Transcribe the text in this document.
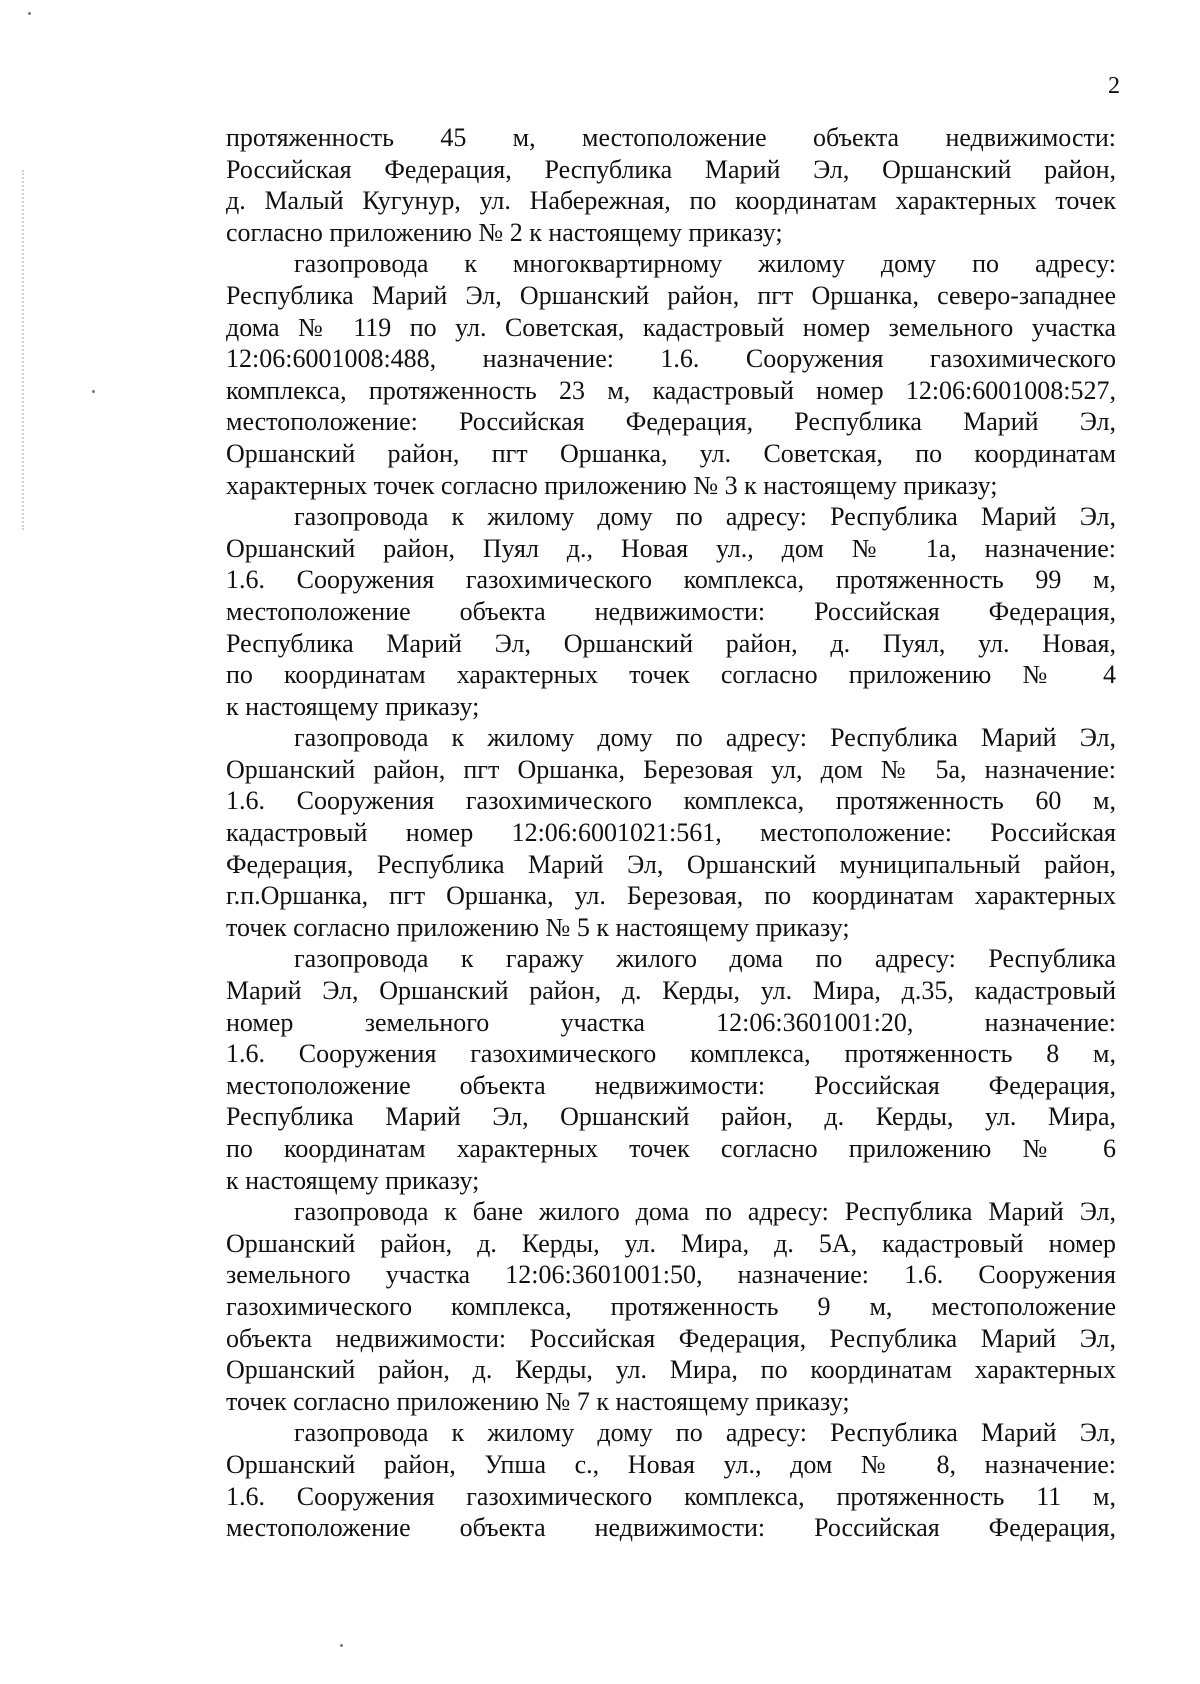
2
протяженность 45 м, местоположение объекта недвижимости:
Российская Федерация, Республика Марий Эл, Оршанский район,
д. Малый Кугунур, ул. Набережная, по координатам характерных точек
согласно приложению № 2 к настоящему приказу;
газопровода к многоквартирному жилому дому по адресу:
Республика Марий Эл, Оршанский район, пгт Оршанка, северо-западнее
дома № 119 по ул. Советская, кадастровый номер земельного участка
12:06:6001008:488, назначение: 1.6. Сооружения газохимического
комплекса, протяженность 23 м, кадастровый номер 12:06:6001008:527,
местоположение: Российская Федерация, Республика Марий Эл,
Оршанский район, пгт Оршанка, ул. Советская, по координатам
характерных точек согласно приложению № 3 к настоящему приказу;
газопровода к жилому дому по адресу: Республика Марий Эл,
Оршанский район, Пуял д., Новая ул., дом № 1а, назначение:
1.6. Сооружения газохимического комплекса, протяженность 99 м,
местоположение объекта недвижимости: Российская Федерация,
Республика Марий Эл, Оршанский район, д. Пуял, ул. Новая,
по координатам характерных точек согласно приложению № 4
к настоящему приказу;
газопровода к жилому дому по адресу: Республика Марий Эл,
Оршанский район, пгт Оршанка, Березовая ул, дом № 5а, назначение:
1.6. Сооружения газохимического комплекса, протяженность 60 м,
кадастровый номер 12:06:6001021:561, местоположение: Российская
Федерация, Республика Марий Эл, Оршанский муниципальный район,
г.п.Оршанка, пгт Оршанка, ул. Березовая, по координатам характерных
точек согласно приложению № 5 к настоящему приказу;
газопровода к гаражу жилого дома по адресу: Республика
Марий Эл, Оршанский район, д. Керды, ул. Мира, д.35, кадастровый
номер земельного участка 12:06:3601001:20, назначение:
1.6. Сооружения газохимического комплекса, протяженность 8 м,
местоположение объекта недвижимости: Российская Федерация,
Республика Марий Эл, Оршанский район, д. Керды, ул. Мира,
по координатам характерных точек согласно приложению № 6
к настоящему приказу;
газопровода к бане жилого дома по адресу: Республика Марий Эл,
Оршанский район, д. Керды, ул. Мира, д. 5А, кадастровый номер
земельного участка 12:06:3601001:50, назначение: 1.6. Сооружения
газохимического комплекса, протяженность 9 м, местоположение
объекта недвижимости: Российская Федерация, Республика Марий Эл,
Оршанский район, д. Керды, ул. Мира, по координатам характерных
точек согласно приложению № 7 к настоящему приказу;
газопровода к жилому дому по адресу: Республика Марий Эл,
Оршанский район, Упша с., Новая ул., дом № 8, назначение:
1.6. Сооружения газохимического комплекса, протяженность 11 м,
местоположение объекта недвижимости: Российская Федерация,
